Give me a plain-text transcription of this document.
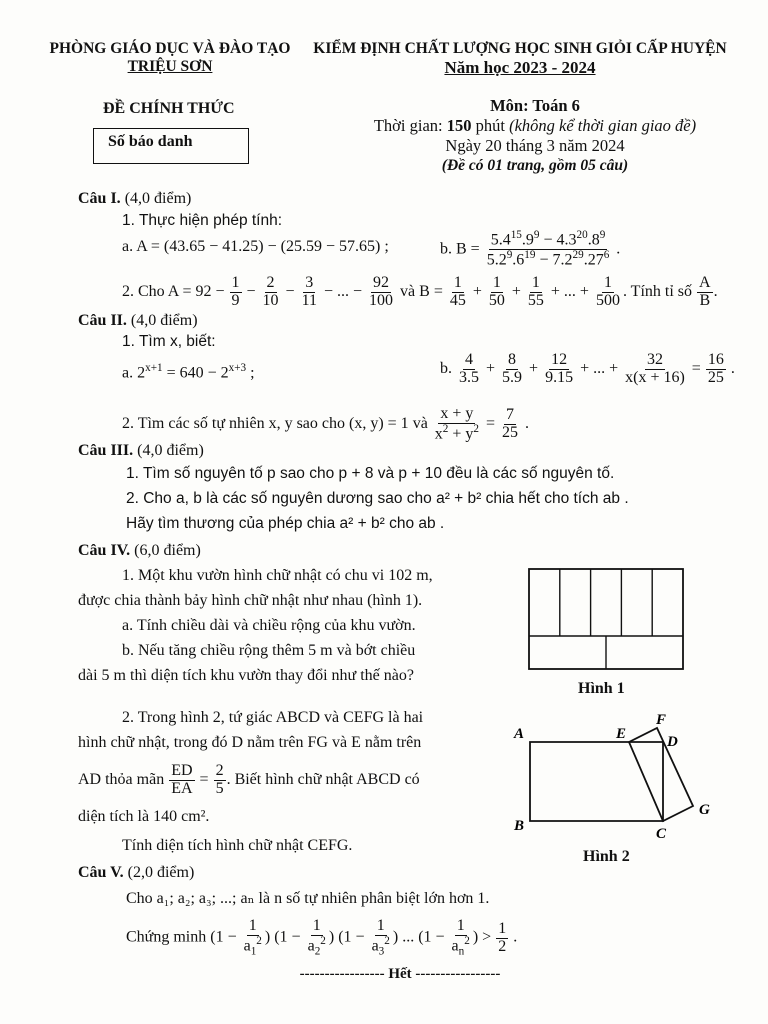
PHÒNG GIÁO DỤC VÀ ĐÀO TẠO
TRIỆU SƠN
KIỂM ĐỊNH CHẤT LƯỢNG HỌC SINH GIỎI CẤP HUYỆN
Năm học 2023 - 2024
ĐỀ CHÍNH THỨC
Số báo danh
Môn: Toán 6
Thời gian: 150 phút (không kể thời gian giao đề)
Ngày 20 tháng 3 năm 2024
(Đề có 01 trang, gồm 05 câu)
Câu I. (4,0 điểm)
1. Thực hiện phép tính:
a. A = (43.65 − 41.25) − (25.59 − 57.65) ;	b. $B = \frac{5.4^{15}.9^9 - 4.3^{20}.8^9}{5.2^9.6^{19} - 7.2^{29}.27^6}$ .
2. Cho $A = 92 - \frac{1}{9} - \frac{2}{10} - \frac{3}{11}$ − ... − $\frac{92}{100}$ và $B = \frac{1}{45} + \frac{1}{50} + \frac{1}{55}$ + ... + $\frac{1}{500}$ . Tính tỉ số $\frac{A}{B}$ .
Câu II. (4,0 điểm)
1. Tìm x, biết:
a. $2^{x+1} = 640 - 2^{x+3}$ ;	b. $\frac{4}{3.5} + \frac{8}{5.9} + \frac{12}{9.15}$ + ... + $\frac{32}{x(x + 16)} = \frac{16}{25}$ .
2. Tìm các số tự nhiên x, y sao cho (x, y) = 1 và $\frac{x + y}{x^2 + y^2} = \frac{7}{25}$ .
Câu III. (4,0 điểm)
1. Tìm số nguyên tố p sao cho p + 8 và p + 10 đều là các số nguyên tố.
2. Cho a, b là các số nguyên dương sao cho a² + b² chia hết cho tích ab .
Hãy tìm thương của phép chia a² + b² cho ab .
Câu IV. (6,0 điểm)
1. Một khu vườn hình chữ nhật có chu vi 102 m,
được chia thành bảy hình chữ nhật như nhau (hình 1).
a. Tính chiều dài và chiều rộng của khu vườn.
b. Nếu tăng chiều rộng thêm 5 m và bớt chiều
dài 5 m thì diện tích khu vườn thay đổi như thế nào?
Hình 1
2. Trong hình 2, tứ giác ABCD và CEFG là hai
hình chữ nhật, trong đó D nằm trên FG và E nằm trên
AD thỏa mãn $\frac{ED}{EA} = \frac{2}{5}$ . Biết hình chữ nhật ABCD có
diện tích là 140 cm².
Tính diện tích hình chữ nhật CEFG.
A	E
F
D
G
B	C
Hình 2
Câu V. (2,0 điểm)
Cho a₁; a₂; a₃; ...; aₙ là n số tự nhiên phân biệt lớn hơn 1.
Chứng minh ($1 - \frac{1}{a_1^2}$ ) ($1 - \frac{1}{a_2^2}$ ) ($1 - \frac{1}{a_3^2}$ ) ... ($1 - \frac{1}{a_n^2}$ ) > $\frac{1}{2}$ .
----------------- Hết -----------------
